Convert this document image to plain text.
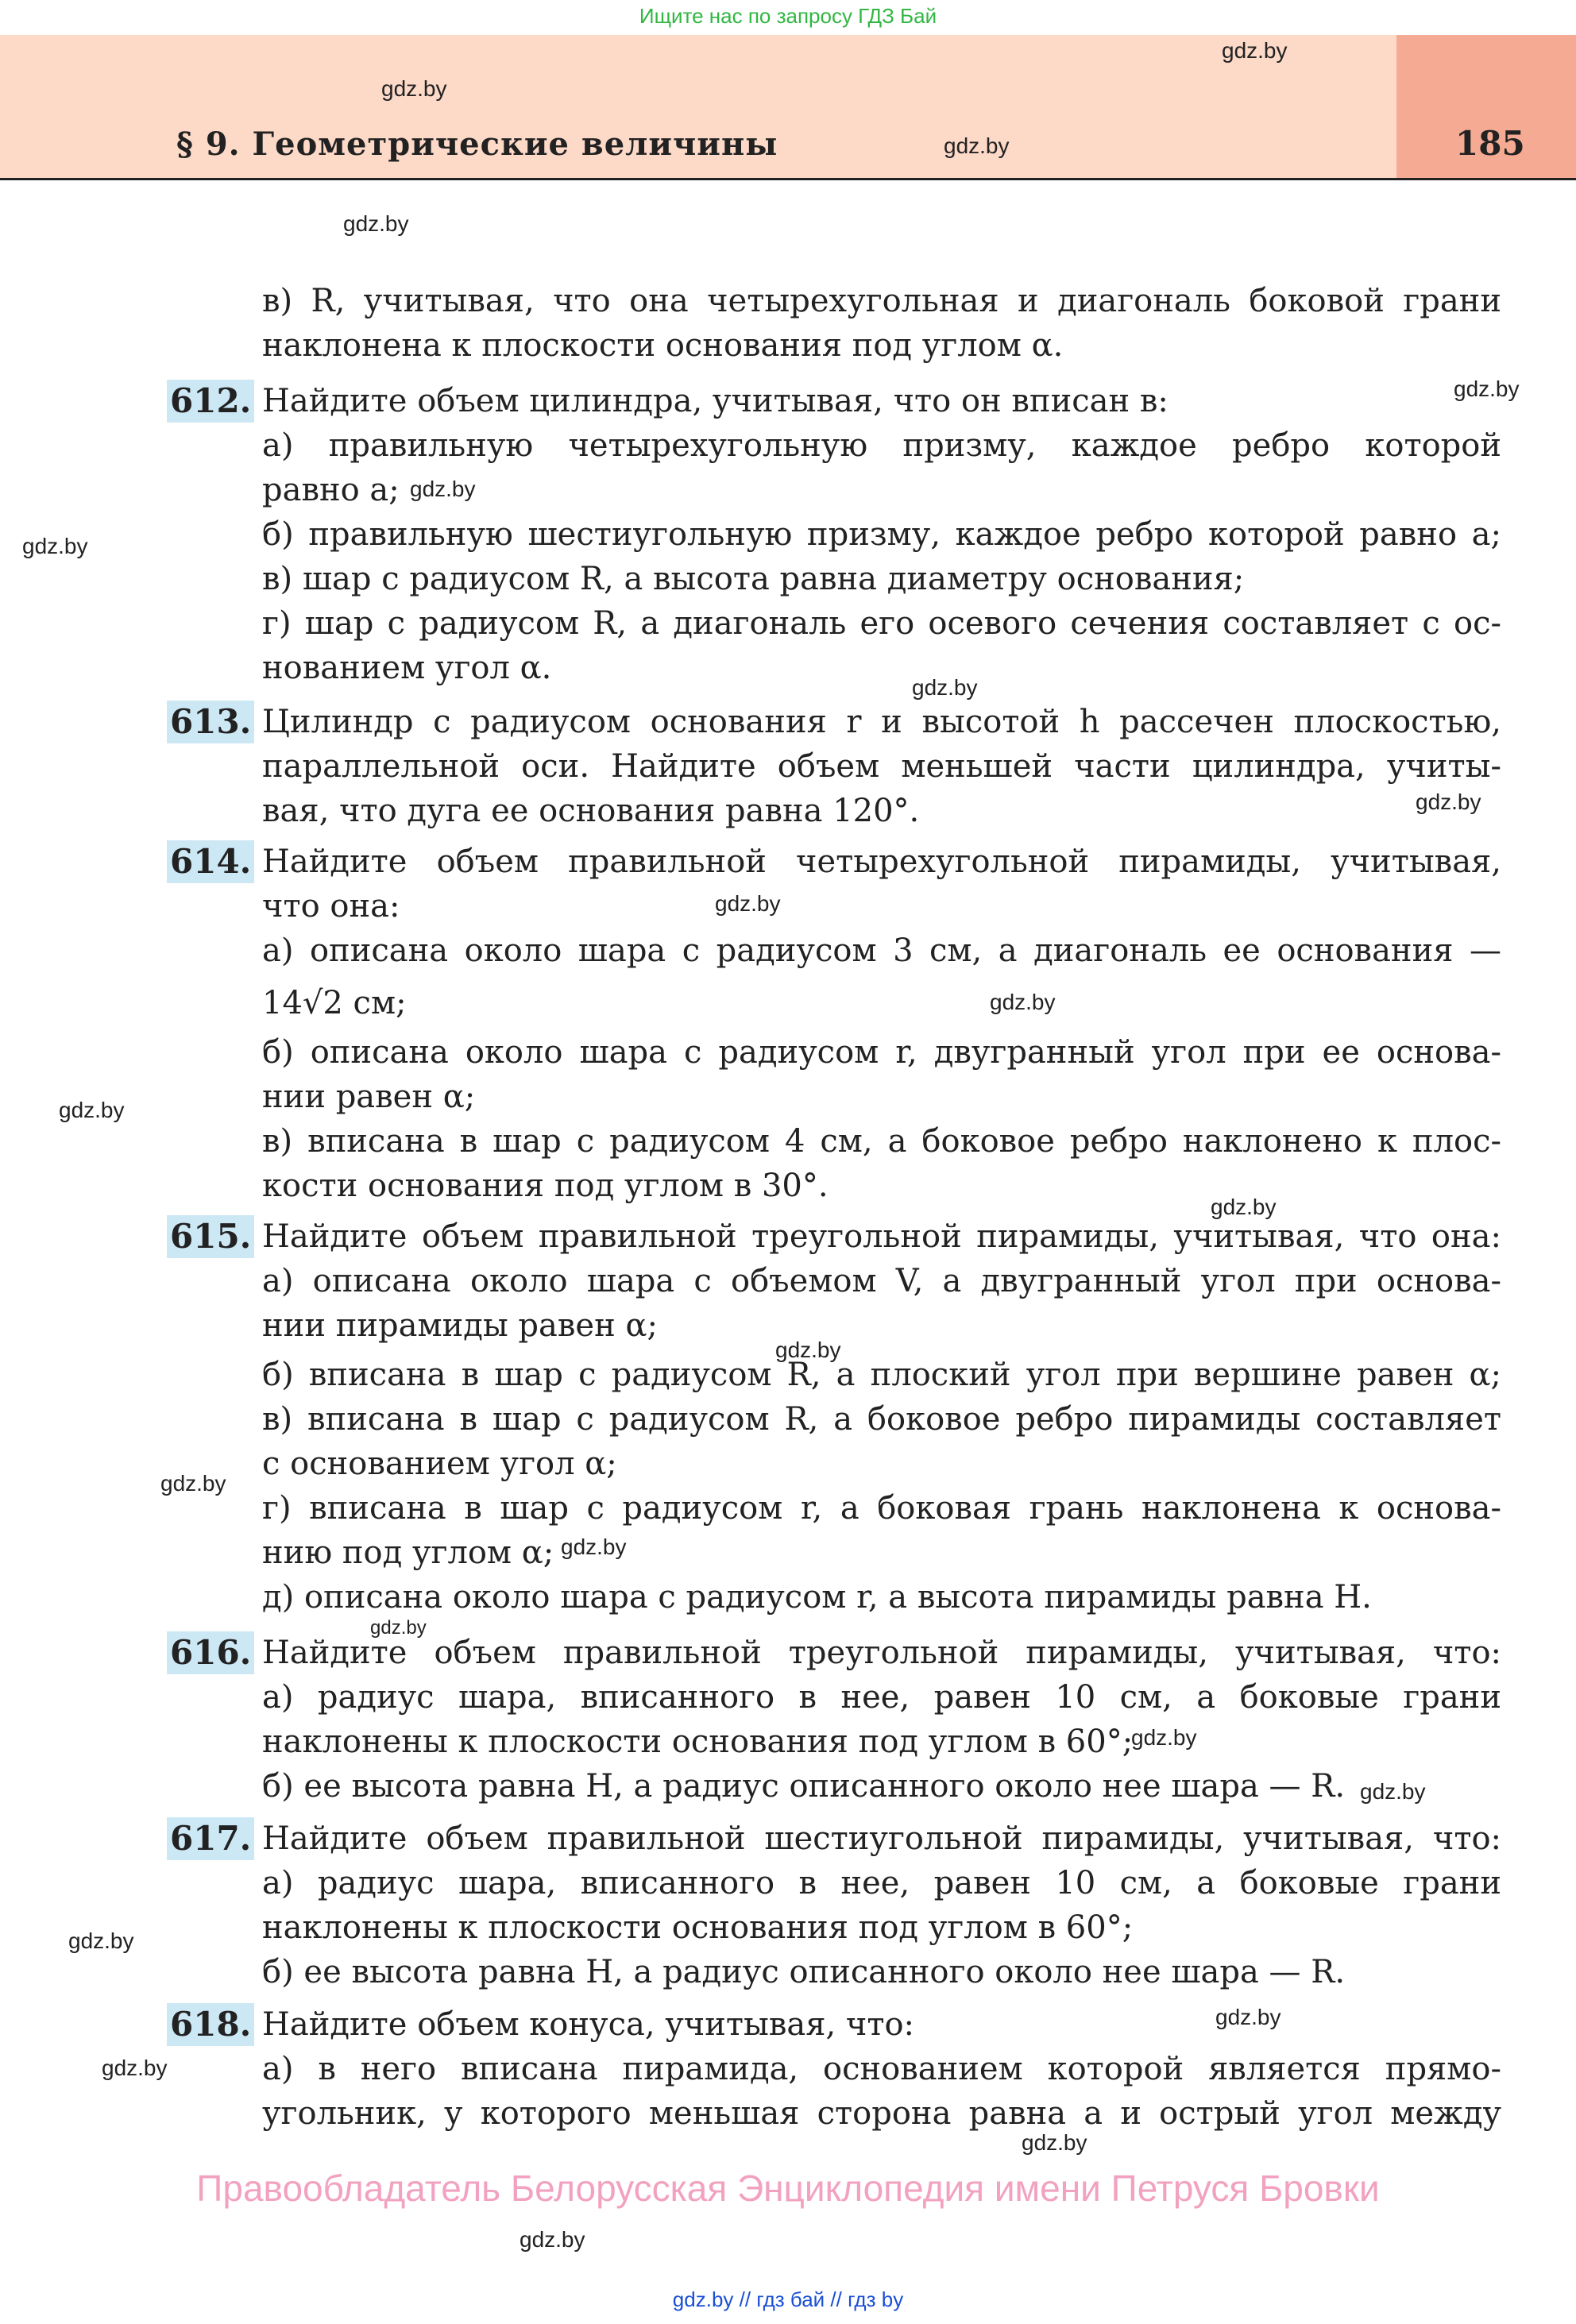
Ищите нас по запросу ГДЗ Бай
§ 9. Геометрические величины	185
gdz.by
gdz.by
gdz.by
gdz.by
gdz.by
gdz.by
gdz.by
gdz.by
gdz.by
gdz.by
gdz.by
gdz.by
gdz.by
gdz.by
gdz.by
gdz.by
gdz.by
gdz.by
gdz.by
gdz.by
gdz.by
gdz.by
gdz.by
gdz.by
в) R, учитывая, что она четырехугольная и диагональ боковой грани
наклонена к плоскости основания под углом α.
612. Найдите объем цилиндра, учитывая, что он вписан в:
а) правильную четырехугольную призму, каждое ребро которой
равно a;
б) правильную шестиугольную призму, каждое ребро которой равно a;
в) шар с радиусом R, а высота равна диаметру основания;
г) шар с радиусом R, а диагональ его осевого сечения составляет с ос-
нованием угол α.
613. Цилиндр с радиусом основания r и высотой h рассечен плоскостью,
параллельной оси. Найдите объем меньшей части цилиндра, учиты-
вая, что дуга ее основания равна 120°.
614. Найдите объем правильной четырехугольной пирамиды, учитывая,
что она:
а) описана около шара с радиусом 3 см, а диагональ ее основания —
14√2 см;
б) описана около шара с радиусом r, двугранный угол при ее основа-
нии равен α;
в) вписана в шар с радиусом 4 см, а боковое ребро наклонено к плос-
кости основания под углом в 30°.
615. Найдите объем правильной треугольной пирамиды, учитывая, что она:
а) описана около шара с объемом V, а двугранный угол при основа-
нии пирамиды равен α;
б) вписана в шар с радиусом R, а плоский угол при вершине равен α;
в) вписана в шар с радиусом R, а боковое ребро пирамиды составляет
с основанием угол α;
г) вписана в шар с радиусом r, а боковая грань наклонена к основа-
нию под углом α;
д) описана около шара с радиусом r, а высота пирамиды равна H.
616. Найдите объем правильной треугольной пирамиды, учитывая, что:
а) радиус шара, вписанного в нее, равен 10 см, а боковые грани
наклонены к плоскости основания под углом в 60°;
б) ее высота равна H, а радиус описанного около нее шара — R.
617. Найдите объем правильной шестиугольной пирамиды, учитывая, что:
а) радиус шара, вписанного в нее, равен 10 см, а боковые грани
наклонены к плоскости основания под углом в 60°;
б) ее высота равна H, а радиус описанного около нее шара — R.
618. Найдите объем конуса, учитывая, что:
а) в него вписана пирамида, основанием которой является прямо-
угольник, у которого меньшая сторона равна a и острый угол между
Правообладатель Белорусская Энциклопедия имени Петруся Бровки
gdz.by // гдз бай // гдз by
